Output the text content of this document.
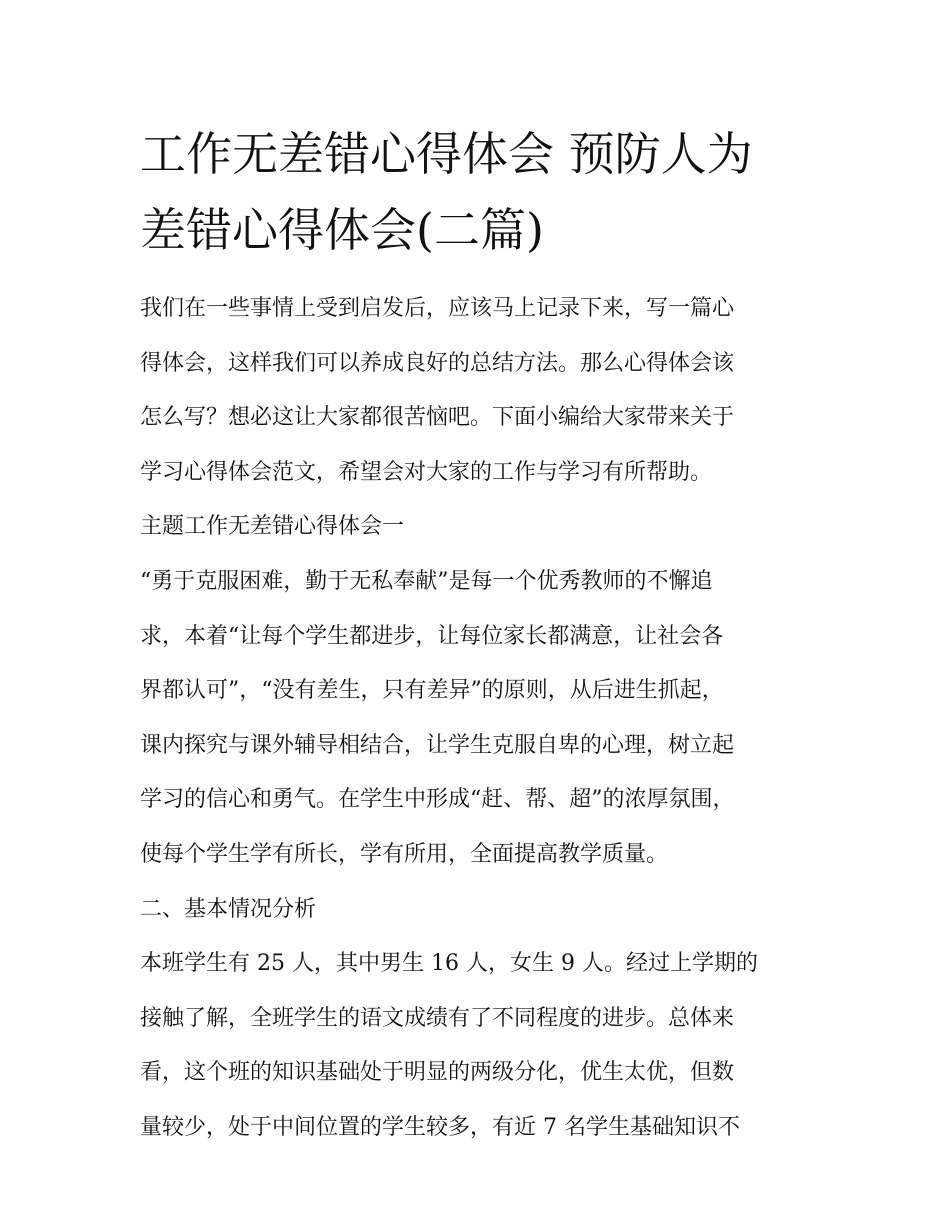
工作无差错心得体会 预防人为
差错心得体会(二篇)

我们在一些事情上受到启发后，应该马上记录下来，写一篇心

得体会，这样我们可以养成良好的总结方法。那么心得体会该

怎么写？想必这让大家都很苦恼吧。下面小编给大家带来关于

学习心得体会范文，希望会对大家的工作与学习有所帮助。

主题工作无差错心得体会一

“勇于克服困难，勤于无私奉献”是每一个优秀教师的不懈追

求，本着“让每个学生都进步，让每位家长都满意，让社会各

界都认可”，“没有差生，只有差异”的原则，从后进生抓起，

课内探究与课外辅导相结合，让学生克服自卑的心理，树立起

学习的信心和勇气。在学生中形成“赶、帮、超”的浓厚氛围，

使每个学生学有所长，学有所用，全面提高教学质量。

二、基本情况分析

本班学生有 25 人，其中男生 16 人，女生 9 人。经过上学期的

接触了解，全班学生的语文成绩有了不同程度的进步。总体来

看，这个班的知识基础处于明显的两级分化，优生太优，但数

量较少，处于中间位置的学生较多，有近 7 名学生基础知识不
